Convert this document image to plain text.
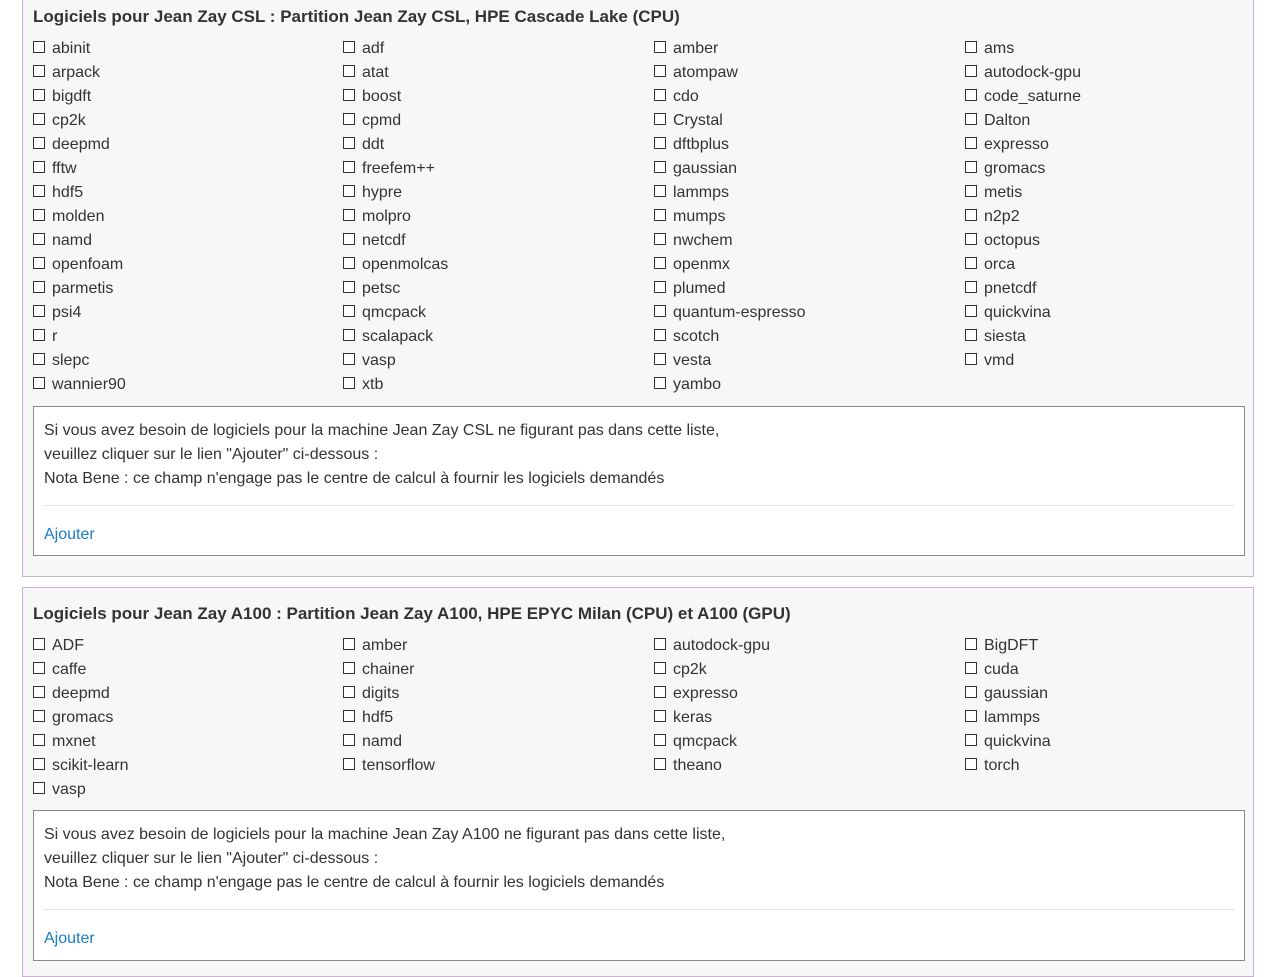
Logiciels pour Jean Zay CSL : Partition Jean Zay CSL, HPE Cascade Lake (CPU)
abinit	adf	amber	ams
arpack	atat	atompaw	autodock-gpu
bigdft	boost	cdo	code_saturne
cp2k	cpmd	Crystal	Dalton
deepmd	ddt	dftbplus	expresso
fftw	freefem++	gaussian	gromacs
hdf5	hypre	lammps	metis
molden	molpro	mumps	n2p2
namd	netcdf	nwchem	octopus
openfoam	openmolcas	openmx	orca
parmetis	petsc	plumed	pnetcdf
psi4	qmcpack	quantum-espresso	quickvina
r	scalapack	scotch	siesta
slepc	vasp	vesta	vmd
wannier90	xtb	yambo
Si vous avez besoin de logiciels pour la machine Jean Zay CSL ne figurant pas dans cette liste,
veuillez cliquer sur le lien "Ajouter" ci-dessous :
Nota Bene : ce champ n'engage pas le centre de calcul à fournir les logiciels demandés
Ajouter
Logiciels pour Jean Zay A100 : Partition Jean Zay A100, HPE EPYC Milan (CPU) et A100 (GPU)
ADF	amber	autodock-gpu	BigDFT
caffe	chainer	cp2k	cuda
deepmd	digits	expresso	gaussian
gromacs	hdf5	keras	lammps
mxnet	namd	qmcpack	quickvina
scikit-learn	tensorflow	theano	torch
vasp
Si vous avez besoin de logiciels pour la machine Jean Zay A100 ne figurant pas dans cette liste,
veuillez cliquer sur le lien "Ajouter" ci-dessous :
Nota Bene : ce champ n'engage pas le centre de calcul à fournir les logiciels demandés
Ajouter
